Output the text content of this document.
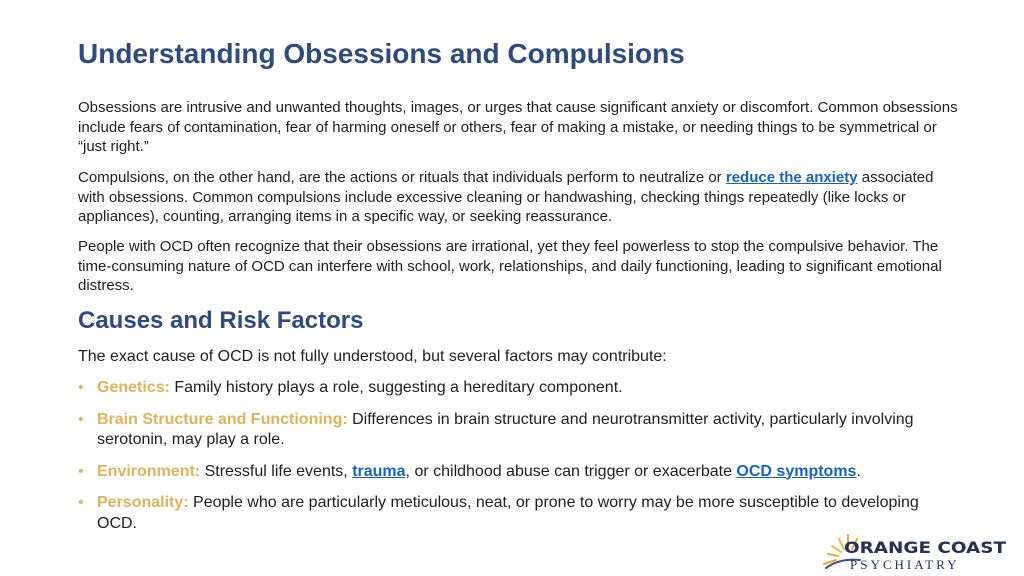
Understanding Obsessions and Compulsions

Obsessions are intrusive and unwanted thoughts, images, or urges that cause significant anxiety or discomfort. Common obsessions include fears of contamination, fear of harming oneself or others, fear of making a mistake, or needing things to be symmetrical or “just right.”

Compulsions, on the other hand, are the actions or rituals that individuals perform to neutralize or reduce the anxiety associated with obsessions. Common compulsions include excessive cleaning or handwashing, checking things repeatedly (like locks or appliances), counting, arranging items in a specific way, or seeking reassurance.

People with OCD often recognize that their obsessions are irrational, yet they feel powerless to stop the compulsive behavior. The time-consuming nature of OCD can interfere with school, work, relationships, and daily functioning, leading to significant emotional distress.

Causes and Risk Factors

The exact cause of OCD is not fully understood, but several factors may contribute:

• Genetics: Family history plays a role, suggesting a hereditary component.
• Brain Structure and Functioning: Differences in brain structure and neurotransmitter activity, particularly involving serotonin, may play a role.
• Environment: Stressful life events, trauma, or childhood abuse can trigger or exacerbate OCD symptoms.
• Personality: People who are particularly meticulous, neat, or prone to worry may be more susceptible to developing OCD.
ORANGE COAST
PSYCHIATRY
